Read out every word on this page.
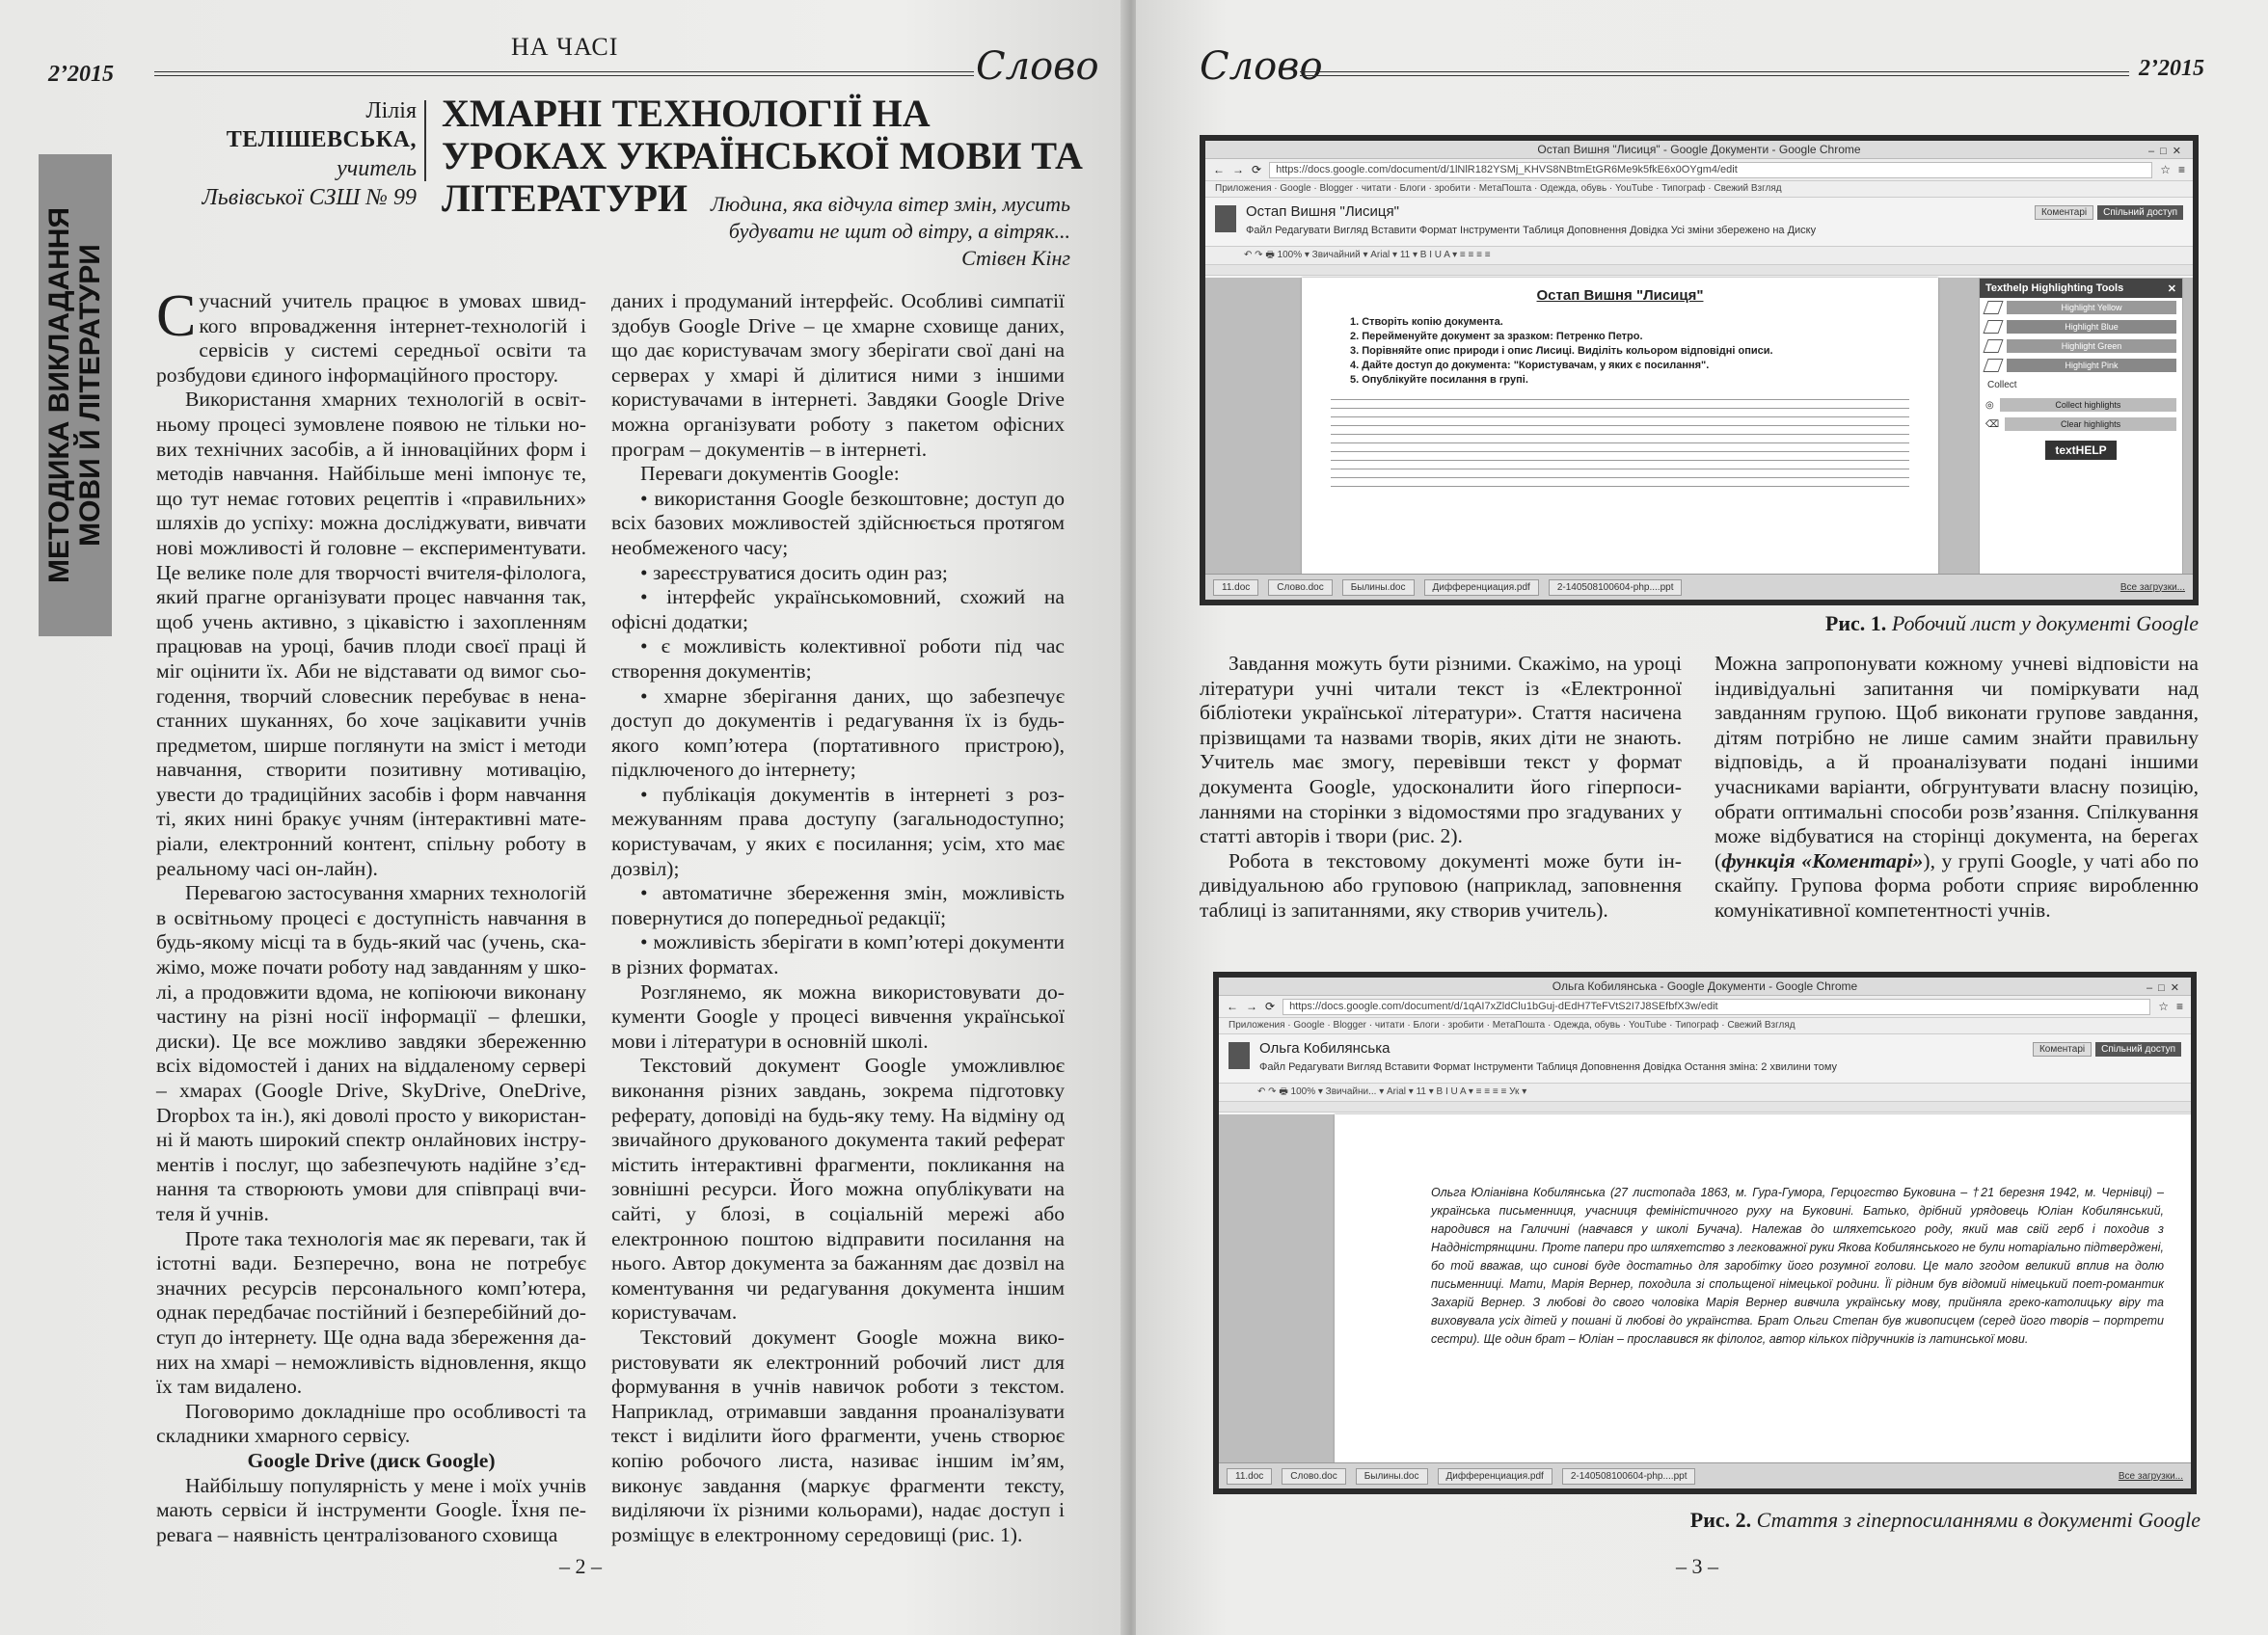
2’2015
НА ЧАСІ	Слово
МЕТОДИКА ВИКЛАДАННЯ МОВИ Й ЛІТЕРАТУРИ
Лілія ТЕЛІШЕВСЬКА,
учитель
Львівської СЗШ № 99
ХМАРНІ ТЕХНОЛОГІЇ НА УРОКАХ УКРАЇНСЬКОЇ МОВИ ТА ЛІТЕРАТУРИ	Людина, яка відчула вітер змін, мусить
будувати не щит од вітру, а вітряк...
Стівен Кінг

Сучасний учитель працює в умовах швидкого впровадження інтернет-технологій і сервісів у системі середньої освіти та розбудови єдиного інформаційного простору.

Використання хмарних технологій в освітньому процесі зумовлене появою не тільки нових технічних засобів, а й інноваційних форм і методів навчання. Найбільше мені імпонує те, що тут немає готових рецептів і «правильних» шляхів до успіху: можна досліджувати, вивчати нові можливості й головне – експериментувати. Це велике поле для творчості вчителя-філолога, який прагне організувати процес навчання так, щоб учень активно, з цікавістю і захопленням працював на уроці, бачив плоди своєї праці й міг оцінити їх. Аби не відставати од вимог сьогодення, творчий словесник перебуває в ненастанних шуканнях, бо хоче зацікавити учнів предметом, ширше поглянути на зміст і методи навчання, створити позитивну мотивацію, увести до традиційних засобів і форм навчання ті, яких нині бракує учням (інтерактивні матеріали, електронний контент, спільну роботу в реальному часі он-лайн).

Перевагою застосування хмарних технологій в освітньому процесі є доступність навчання в будь-якому місці та в будь-який час (учень, скажімо, може почати роботу над завданням у школі, а продовжити вдома, не копіюючи виконану частину на різні носії інформації – флешки, диски). Це все можливо завдяки збереженню всіх відомостей і даних на віддаленому сервері – хмарах (Google Drive, SkyDrive, OneDrive, Dropbox та ін.), які доволі просто у використанні й мають широкий спектр онлайнових інструментів і послуг, що забезпечують надійне з’єднання та створюють умови для співпраці вчителя й учнів.

Проте така технологія має як переваги, так й істотні вади. Безперечно, вона не потребує значних ресурсів персонального комп’ютера, однак передбачає постійний і безперебійний доступ до інтернету. Ще одна вада збереження даних на хмарі – неможливість відновлення, якщо їх там видалено.

Поговоримо докладніше про особливості та складники хмарного сервісу.

Google Drive (диск Google)

Найбільшу популярність у мене і моїх учнів мають сервіси й інструменти Google. Їхня перевага – наявність централізованого сховища

даних і продуманий інтерфейс. Особливі симпатії здобув Google Drive – це хмарне сховище даних, що дає користувачам змогу зберігати свої дані на серверах у хмарі й ділитися ними з іншими користувачами в інтернеті. Завдяки Google Drive можна організувати роботу з пакетом офісних програм – документів – в інтернеті.

Переваги документів Google:

• використання Google безкоштовне; доступ до всіх базових можливостей здійснюється протягом необмеженого часу;

• зареєструватися досить один раз;

• інтерфейс українськомовний, схожий на офісні додатки;

• є можливість колективної роботи під час створення документів;

• хмарне зберігання даних, що забезпечує доступ до документів і редагування їх із будь-якого комп’ютера (портативного пристрою), підключеного до інтернету;

• публікація документів в інтернеті з розмежуванням права доступу (загальнодоступно; користувачам, у яких є посилання; усім, хто має дозвіл);

• автоматичне збереження змін, можливість повернутися до попередньої редакції;

• можливість зберігати в комп’ютері документи в різних форматах.

Розглянемо, як можна використовувати документи Google у процесі вивчення української мови і літератури в основній школі.

Текстовий документ Google уможливлює виконання різних завдань, зокрема підготовку реферату, доповіді на будь-яку тему. На відміну од звичайного друкованого документа такий реферат містить інтерактивні фрагменти, покликання на зовнішні ресурси. Його можна опублікувати на сайті, у блозі, в соціальній мережі або електронною поштою відправити посилання на нього. Автор документа за бажанням дає дозвіл на коментування чи редагування документа іншим користувачам.

Текстовий документ Google можна використовувати як електронний робочий лист для формування в учнів навичок роботи з текстом. Наприклад, отримавши завдання проаналізувати текст і виділити його фрагменти, учень створює копію робочого листа, називає іншим ім’ям, виконує завдання (маркує фрагменти тексту, виділяючи їх різними кольорами), надає доступ і розміщує в електронному середовищі (рис. 1).

– 2 –
Слово	2’2015
Остап Вишня "Лисиця" - Google Документи - Google Chrome	–□✕
← → ⟳	https://docs.google.com/document/d/1lNlR182YSMj_KHVS8NBtmEtGR6Me9k5fkE6x0OYgm4/edit	☆ ≡
Приложения · Google · Blogger · читати · Блоги · зробити · МетаПошта · Одежда, обувь · YouTube · Типограф · Свежий Взгляд
Остап Вишня "Лисиця"
Файл Редагувати Вигляд Вставити Формат Інструменти Таблиця Доповнення Довідка Усі зміни збережено на Диску
Коментарі Спільний доступ
↶ ↷ 🖶 100% ▾ Звичайний ▾ Arial ▾ 11 ▾ B I U A ▾ ≡ ≡ ≡ ≡
Остап Вишня "Лисиця"
1. Створіть копію документа.
2. Перейменуйте документ за зразком: Петренко Петро.
3. Порівняйте опис природи і опис Лисиці. Виділіть кольором відповідні описи.
4. Дайте доступ до документа: "Користувачам, у яких є посилання".
5. Опублікуйте посилання в групі.
Texthelp Highlighting Tools	✕
Highlight Yellow
Highlight Blue
Highlight Green
Highlight Pink
Collect
◎	Collect highlights
⌫	Clear highlights
textHELP
11.doc	Слово.doc	Былины.doc	Дифференциация.pdf	2-140508100604-php....ppt	Все загрузки...
Рис. 1. Робочий лист у документі Google

Завдання можуть бути різними. Скажімо, на уроці літератури учні читали текст із «Електронної бібліотеки української літератури». Стаття насичена прізвищами та назвами творів, яких діти не знають. Учитель має змогу, перевівши текст у формат документа Google, удосконалити його гіперпосиланнями на сторінки з відомостями про згадуваних у статті авторів і твори (рис. 2).

Робота в текстовому документі може бути індивідуальною або груповою (наприклад, заповнення таблиці із запитаннями, яку створив учитель).

Можна запропонувати кожному учневі відповісти на індивідуальні запитання чи поміркувати над завданням групою. Щоб виконати групове завдання, дітям потрібно не лише самим знайти правильну відповідь, а й проаналізувати подані іншими учасниками варіанти, обгрунтувати власну позицію, обрати оптимальні способи розв’язання. Спілкування може відбуватися на сторінці документа, на берегах (функція «Коментарі»), у групі Google, у чаті або по скайпу. Групова форма роботи сприяє виробленню комунікативної компетентності учнів.

Ольга Кобилянська - Google Документи - Google Chrome	–□✕
← → ⟳	https://docs.google.com/document/d/1qAI7xZldClu1bGuj-dEdH7TeFVtS2I7J8SEfbfX3w/edit	☆ ≡
Приложения · Google · Blogger · читати · Блоги · зробити · МетаПошта · Одежда, обувь · YouTube · Типограф · Свежий Взгляд
Ольга Кобилянська
Файл Редагувати Вигляд Вставити Формат Інструменти Таблиця Доповнення Довідка Остання зміна: 2 хвилини тому
Коментарі Спільний доступ
↶ ↷ 🖶 100% ▾ Звичайни... ▾ Arial ▾ 11 ▾ B I U A ▾ ≡ ≡ ≡ ≡ Ук ▾
Ольга Юліанівна Кобилянська (27 листопада 1863, м. Гура-Гумора, Герцогство Буковина – †21 березня 1942, м. Чернівці) – українська письменниця, учасниця феміністичного руху на Буковині. Батько, дрібний урядовець Юліан Кобилянський, народився на Галичині (навчався у школі Бучача). Належав до шляхетського роду, який мав свій герб і походив з Наддністрянщини. Проте папери про шляхетство з легковажної руки Якова Кобилянського не були нотаріально підтверджені, бо той вважав, що синові буде достатньо для заробітку його розумної голови. Це мало згодом великий вплив на долю письменниці. Мати, Марія Вернер, походила зі спольщеної німецької родини. Її рідним був відомий німецький поет-романтик Захарій Вернер. З любові до свого чоловіка Марія Вернер вивчила українську мову, прийняла греко-католицьку віру та виховувала усіх дітей у пошані й любові до українства. Брат Ольги Степан був живописцем (серед його творів – портрети сестри). Ще один брат – Юліан – прославився як філолог, автор кількох підручників із латинської мови.
11.doc	Слово.doc	Былины.doc	Дифференциация.pdf	2-140508100604-php....ppt	Все загрузки...
Рис. 2. Стаття з гіперпосиланнями в документі Google
– 3 –
